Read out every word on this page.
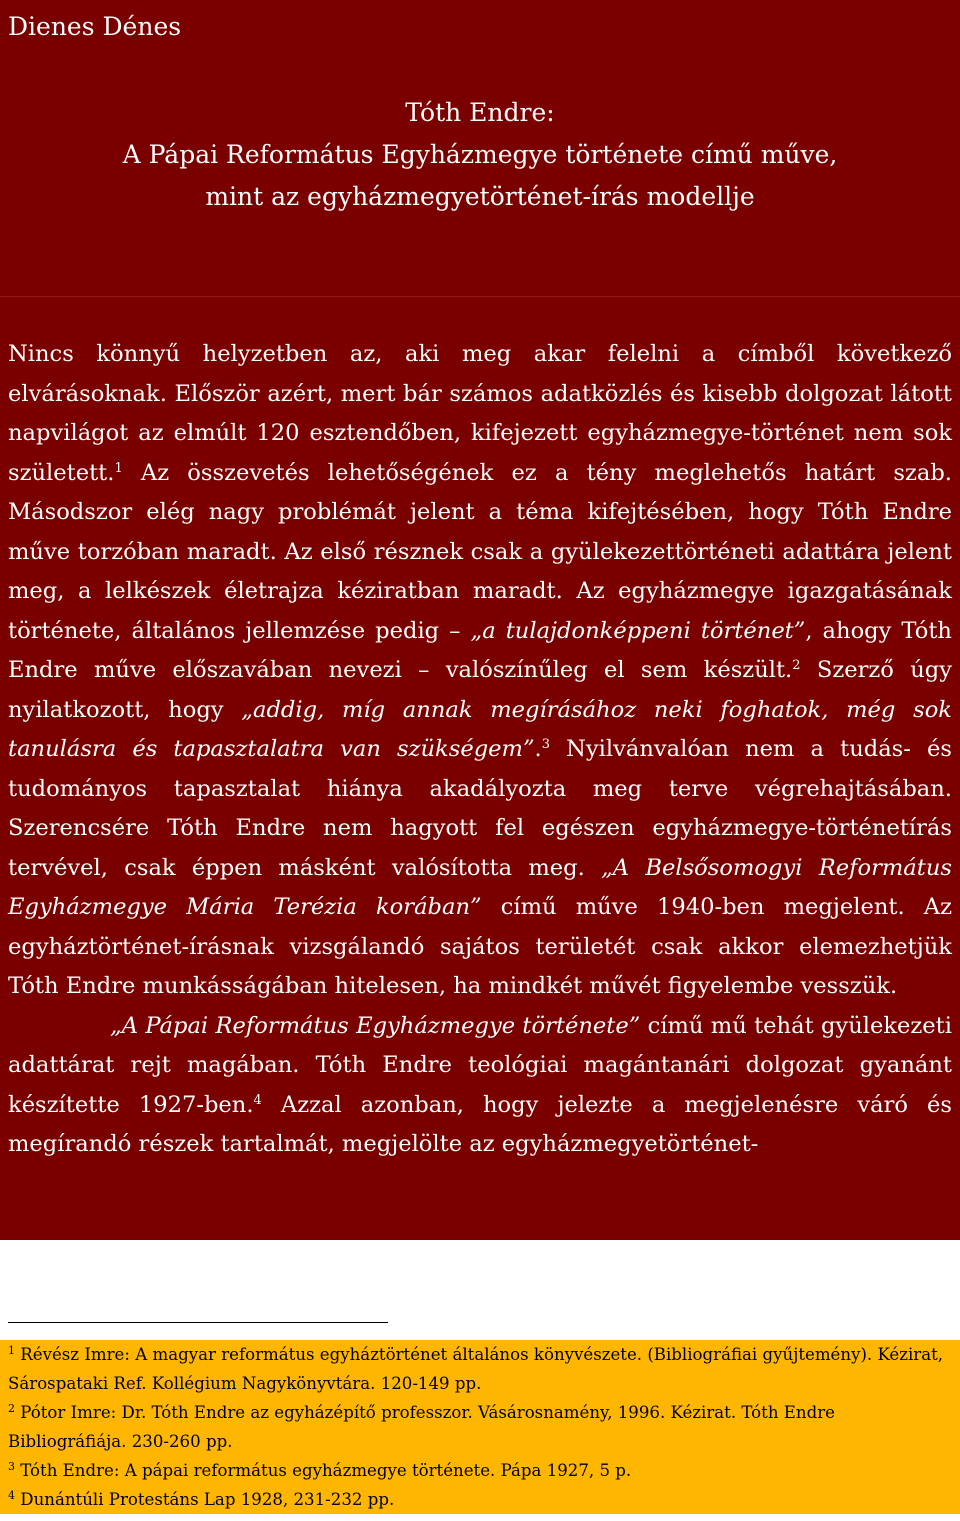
Dienes Dénes
Tóth Endre:
A Pápai Református Egyházmegye története című műve,
mint az egyházmegyetörténet-írás modellje
Nincs könnyű helyzetben az, aki meg akar felelni a címből következő elvárásoknak. Először azért, mert bár számos adatközlés és kisebb dolgozat látott napvilágot az elmúlt 120 esztendőben, kifejezett egyházmegye-történet nem sok született.$^1$ Az összevetés lehetőségének ez a tény meglehetős határt szab. Másodszor elég nagy problémát jelent a téma kifejtésében, hogy Tóth Endre műve torzóban maradt. Az első résznek csak a gyülekezettörténeti adattára jelent meg, a lelkészek életrajza kéziratban maradt. Az egyházmegye igazgatásának története, általános jellemzése pedig – „a tulajdonképpeni történet”, ahogy Tóth Endre műve előszavában nevezi – valószínűleg el sem készült.$^2$ Szerző úgy nyilatkozott, hogy „addig, míg annak megírásához neki foghatok, még sok tanulásra és tapasztalatra van szükségem”.$^3$ Nyilvánvalóan nem a tudás- és tudományos tapasztalat hiánya akadályozta meg terve végrehajtásában. Szerencsére Tóth Endre nem hagyott fel egészen egyházmegye-történetírás tervével, csak éppen másként valósította meg. „A Belsősomogyi Református Egyházmegye Mária Terézia korában” című műve 1940-ben megjelent. Az egyháztörténet-írásnak vizsgálandó sajátos területét csak akkor elemezhetjük Tóth Endre munkásságában hitelesen, ha mindkét művét figyelembe vesszük.
„A Pápai Református Egyházmegye története” című mű tehát gyülekezeti adattárat rejt magában. Tóth Endre teológiai magántanári dolgozat gyanánt készítette 1927-ben.$^4$ Azzal azonban, hogy jelezte a megjelenésre váró és megírandó részek tartalmát, megjelölte az egyházmegyetörténet-
$^1$ Révész Imre: A magyar református egyháztörténet általános könyvészete. (Bibliográfiai gyűjtemény). Kézirat, Sárospataki Ref. Kollégium Nagykönyvtára. 120-149 pp.
$^2$ Pótor Imre: Dr. Tóth Endre az egyházépítő professzor. Vásárosnamény, 1996. Kézirat. Tóth Endre Bibliográfiája. 230-260 pp.
$^3$ Tóth Endre: A pápai református egyházmegye története. Pápa 1927, 5 p.
$^4$ Dunántúli Protestáns Lap 1928, 231-232 pp.
